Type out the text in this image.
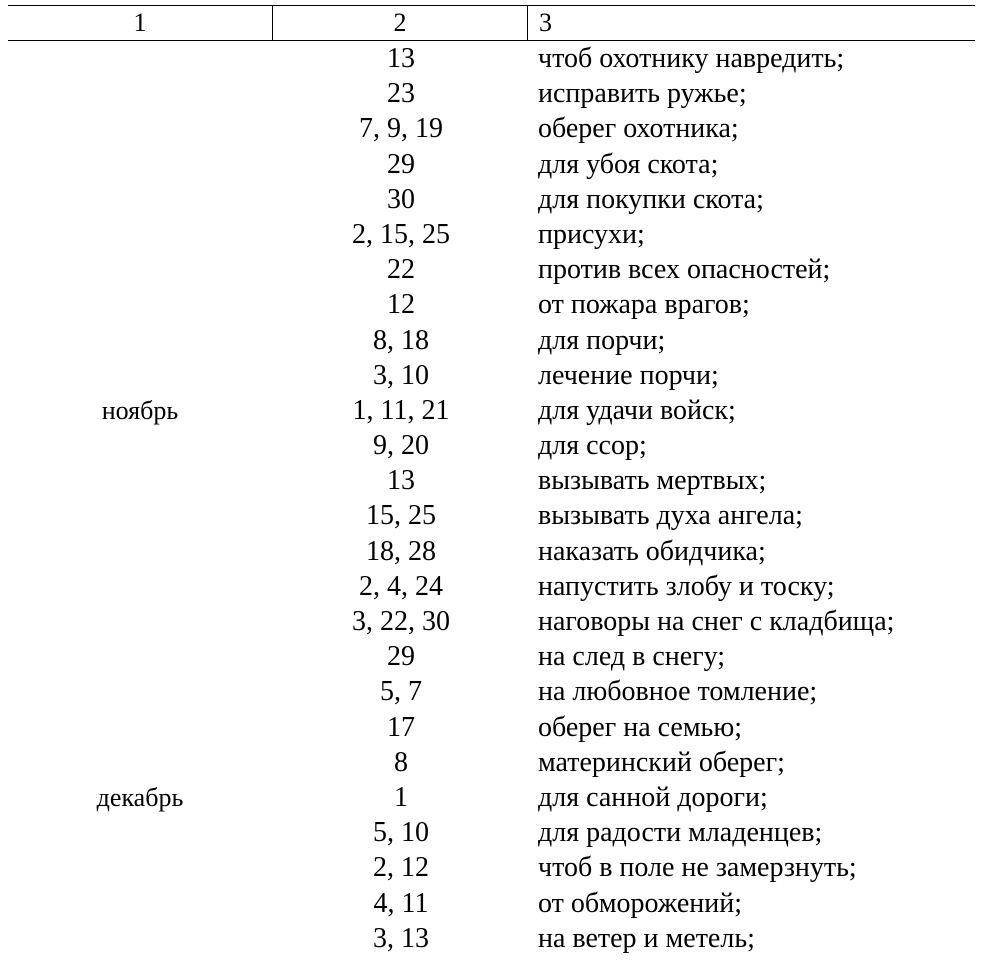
1	2	3
13	чтоб охотнику навредить;
23	исправить ружье;
7, 9, 19	оберег охотника;
29	для убоя скота;
30	для покупки скота;
2, 15, 25	присухи;
22	против всех опасностей;
12	от пожара врагов;
8, 18	для порчи;
3, 10	лечение порчи;
ноябрь	1, 11, 21	для удачи войск;
9, 20	для ссор;
13	вызывать мертвых;
15, 25	вызывать духа ангела;
18, 28	наказать обидчика;
2, 4, 24	напустить злобу и тоску;
3, 22, 30	наговоры на снег с кладбища;
29	на след в снегу;
5, 7	на любовное томление;
17	оберег на семью;
8	материнский оберег;
декабрь	1	для санной дороги;
5, 10	для радости младенцев;
2, 12	чтоб в поле не замерзнуть;
4, 11	от обморожений;
3, 13	на ветер и метель;
